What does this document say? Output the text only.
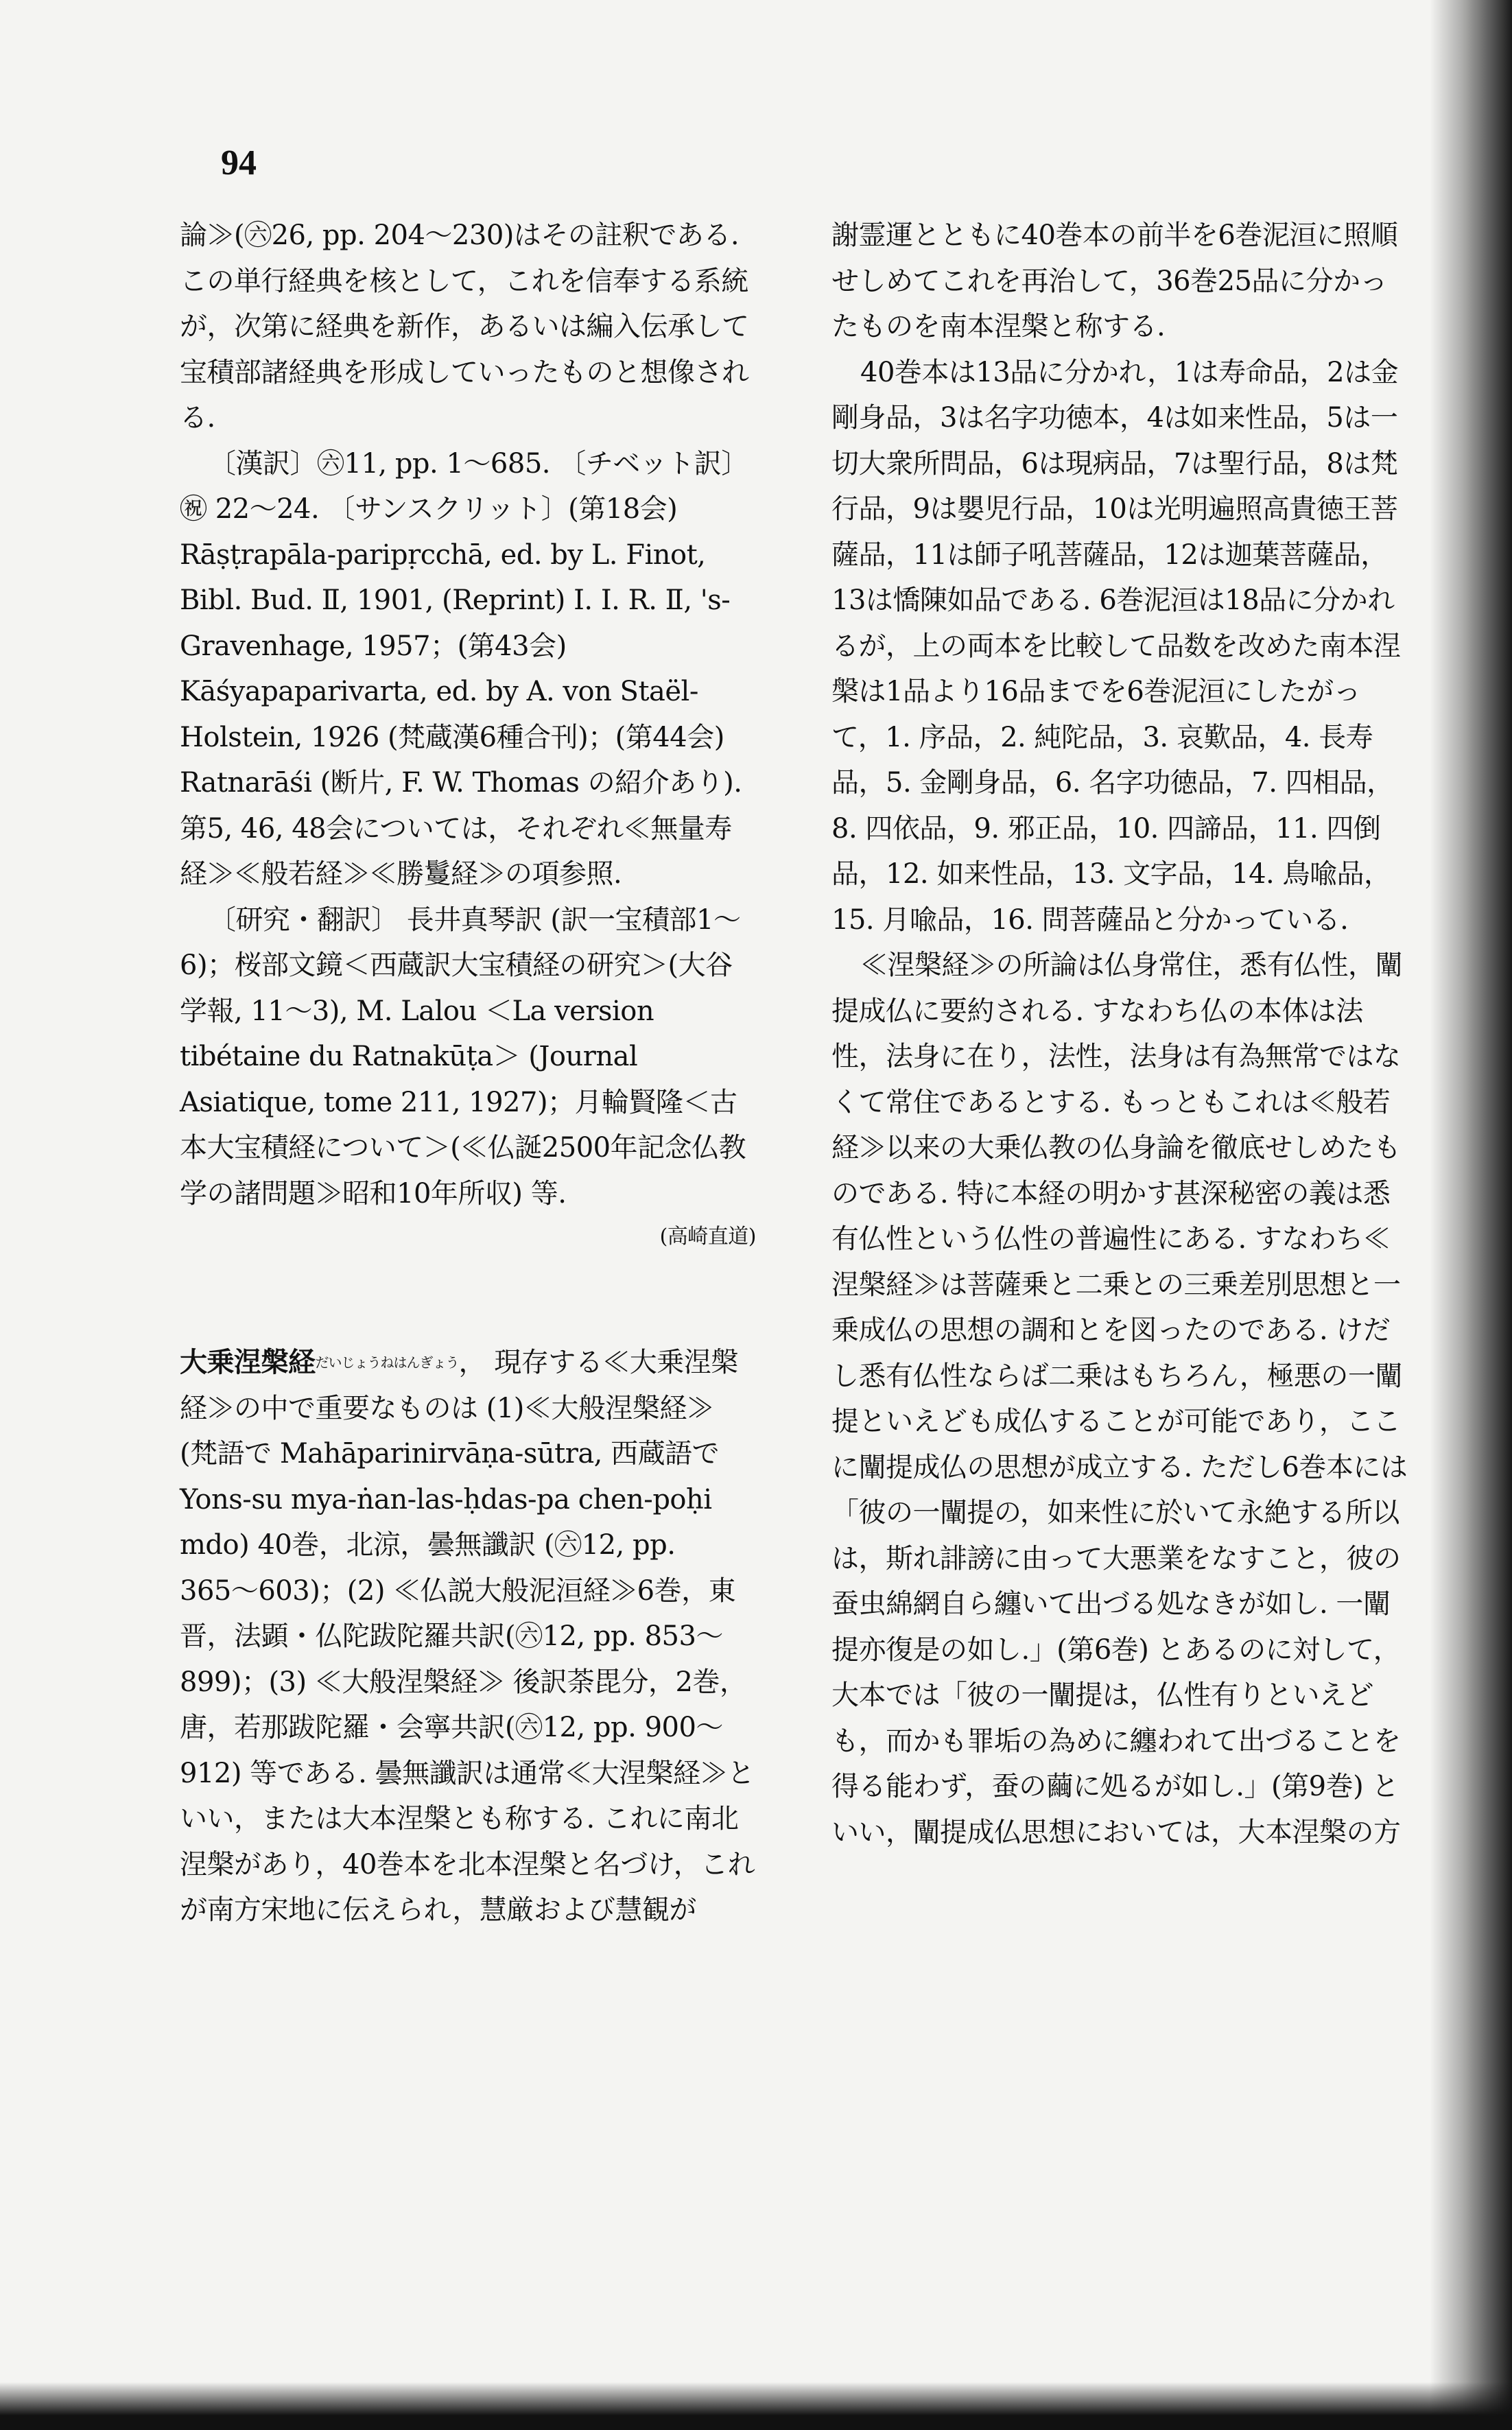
94

論≫(㊅26, pp. 204〜230)はその註釈である. この単行経典を核として，これを信奉する系統が，次第に経典を新作，あるいは編入伝承して宝積部諸経典を形成していったものと想像される.

〔漢訳〕㊅11, pp. 1〜685. 〔チベット訳〕㊗ 22〜24. 〔サンスクリット〕(第18会) Rāṣṭrapāla-paripṛcchā, ed. by L. Finot, Bibl. Bud. Ⅱ, 1901, (Reprint) I. I. R. Ⅱ, 's-Gravenhage, 1957；(第43会) Kāśyapaparivarta, ed. by A. von Staël-Holstein, 1926 (梵蔵漢6種合刊)；(第44会) Ratnarāśi (断片, F. W. Thomas の紹介あり). 第5, 46, 48会については，それぞれ≪無量寿経≫≪般若経≫≪勝鬘経≫の項参照.

〔研究・翻訳〕 長井真琴訳 (訳一宝積部1〜6)；桜部文鏡＜西蔵訳大宝積経の研究＞(大谷学報, 11〜3), M. Lalou ＜La version tibétaine du Ratnakūṭa＞ (Journal Asiatique, tome 211, 1927)；月輪賢隆＜古本大宝積経について＞(≪仏誕2500年記念仏教学の諸問題≫昭和10年所収) 等.

(高崎直道)

大乗涅槃経$^{だいじょうねはんぎょう}$， 現存する≪大乗涅槃経≫の中で重要なものは (1)≪大般涅槃経≫ (梵語で Mahāparinirvāṇa-sūtra, 西蔵語で Yons-su mya-ṅan-las-ḥdas-pa chen-poḥi mdo) 40巻，北涼，曇無讖訳 (㊅12, pp. 365〜603)；(2) ≪仏説大般泥洹経≫6巻，東晋，法顕・仏陀跋陀羅共訳(㊅12, pp. 853〜899)；(3) ≪大般涅槃経≫ 後訳荼毘分，2巻，唐，若那跋陀羅・会寧共訳(㊅12, pp. 900〜912) 等である. 曇無讖訳は通常≪大涅槃経≫といい，または大本涅槃とも称する. これに南北涅槃があり，40巻本を北本涅槃と名づけ，これが南方宋地に伝えられ，慧厳および慧観が

謝霊運とともに40巻本の前半を6巻泥洹に照順せしめてこれを再治して，36巻25品に分かったものを南本涅槃と称する.

40巻本は13品に分かれ，1は寿命品，2は金剛身品，3は名字功徳本，4は如来性品，5は一切大衆所問品，6は現病品，7は聖行品，8は梵行品，9は嬰児行品，10は光明遍照高貴徳王菩薩品，11は師子吼菩薩品，12は迦葉菩薩品，13は憍陳如品である. 6巻泥洹は18品に分かれるが，上の両本を比較して品数を改めた南本涅槃は1品より16品までを6巻泥洹にしたがって，1. 序品，2. 純陀品，3. 哀歎品，4. 長寿品，5. 金剛身品，6. 名字功徳品，7. 四相品，8. 四依品，9. 邪正品，10. 四諦品，11. 四倒品，12. 如来性品，13. 文字品，14. 鳥喩品，15. 月喩品，16. 問菩薩品と分かっている.

≪涅槃経≫の所論は仏身常住，悉有仏性，闡提成仏に要約される. すなわち仏の本体は法性，法身に在り，法性，法身は有為無常ではなくて常住であるとする. もっともこれは≪般若経≫以来の大乗仏教の仏身論を徹底せしめたものである. 特に本経の明かす甚深秘密の義は悉有仏性という仏性の普遍性にある. すなわち≪涅槃経≫は菩薩乗と二乗との三乗差別思想と一乗成仏の思想の調和とを図ったのである. けだし悉有仏性ならば二乗はもちろん，極悪の一闡提といえども成仏することが可能であり，ここに闡提成仏の思想が成立する. ただし6巻本には「彼の一闡提の，如来性に於いて永絶する所以は，斯れ誹謗に由って大悪業をなすこと，彼の蚕虫綿網自ら纏いて出づる処なきが如し. 一闡提亦復是の如し.」(第6巻) とあるのに対して，大本では「彼の一闡提は，仏性有りといえども，而かも罪垢の為めに纏われて出づることを得る能わず，蚕の繭に処るが如し.」(第9巻) といい，闡提成仏思想においては，大本涅槃の方
